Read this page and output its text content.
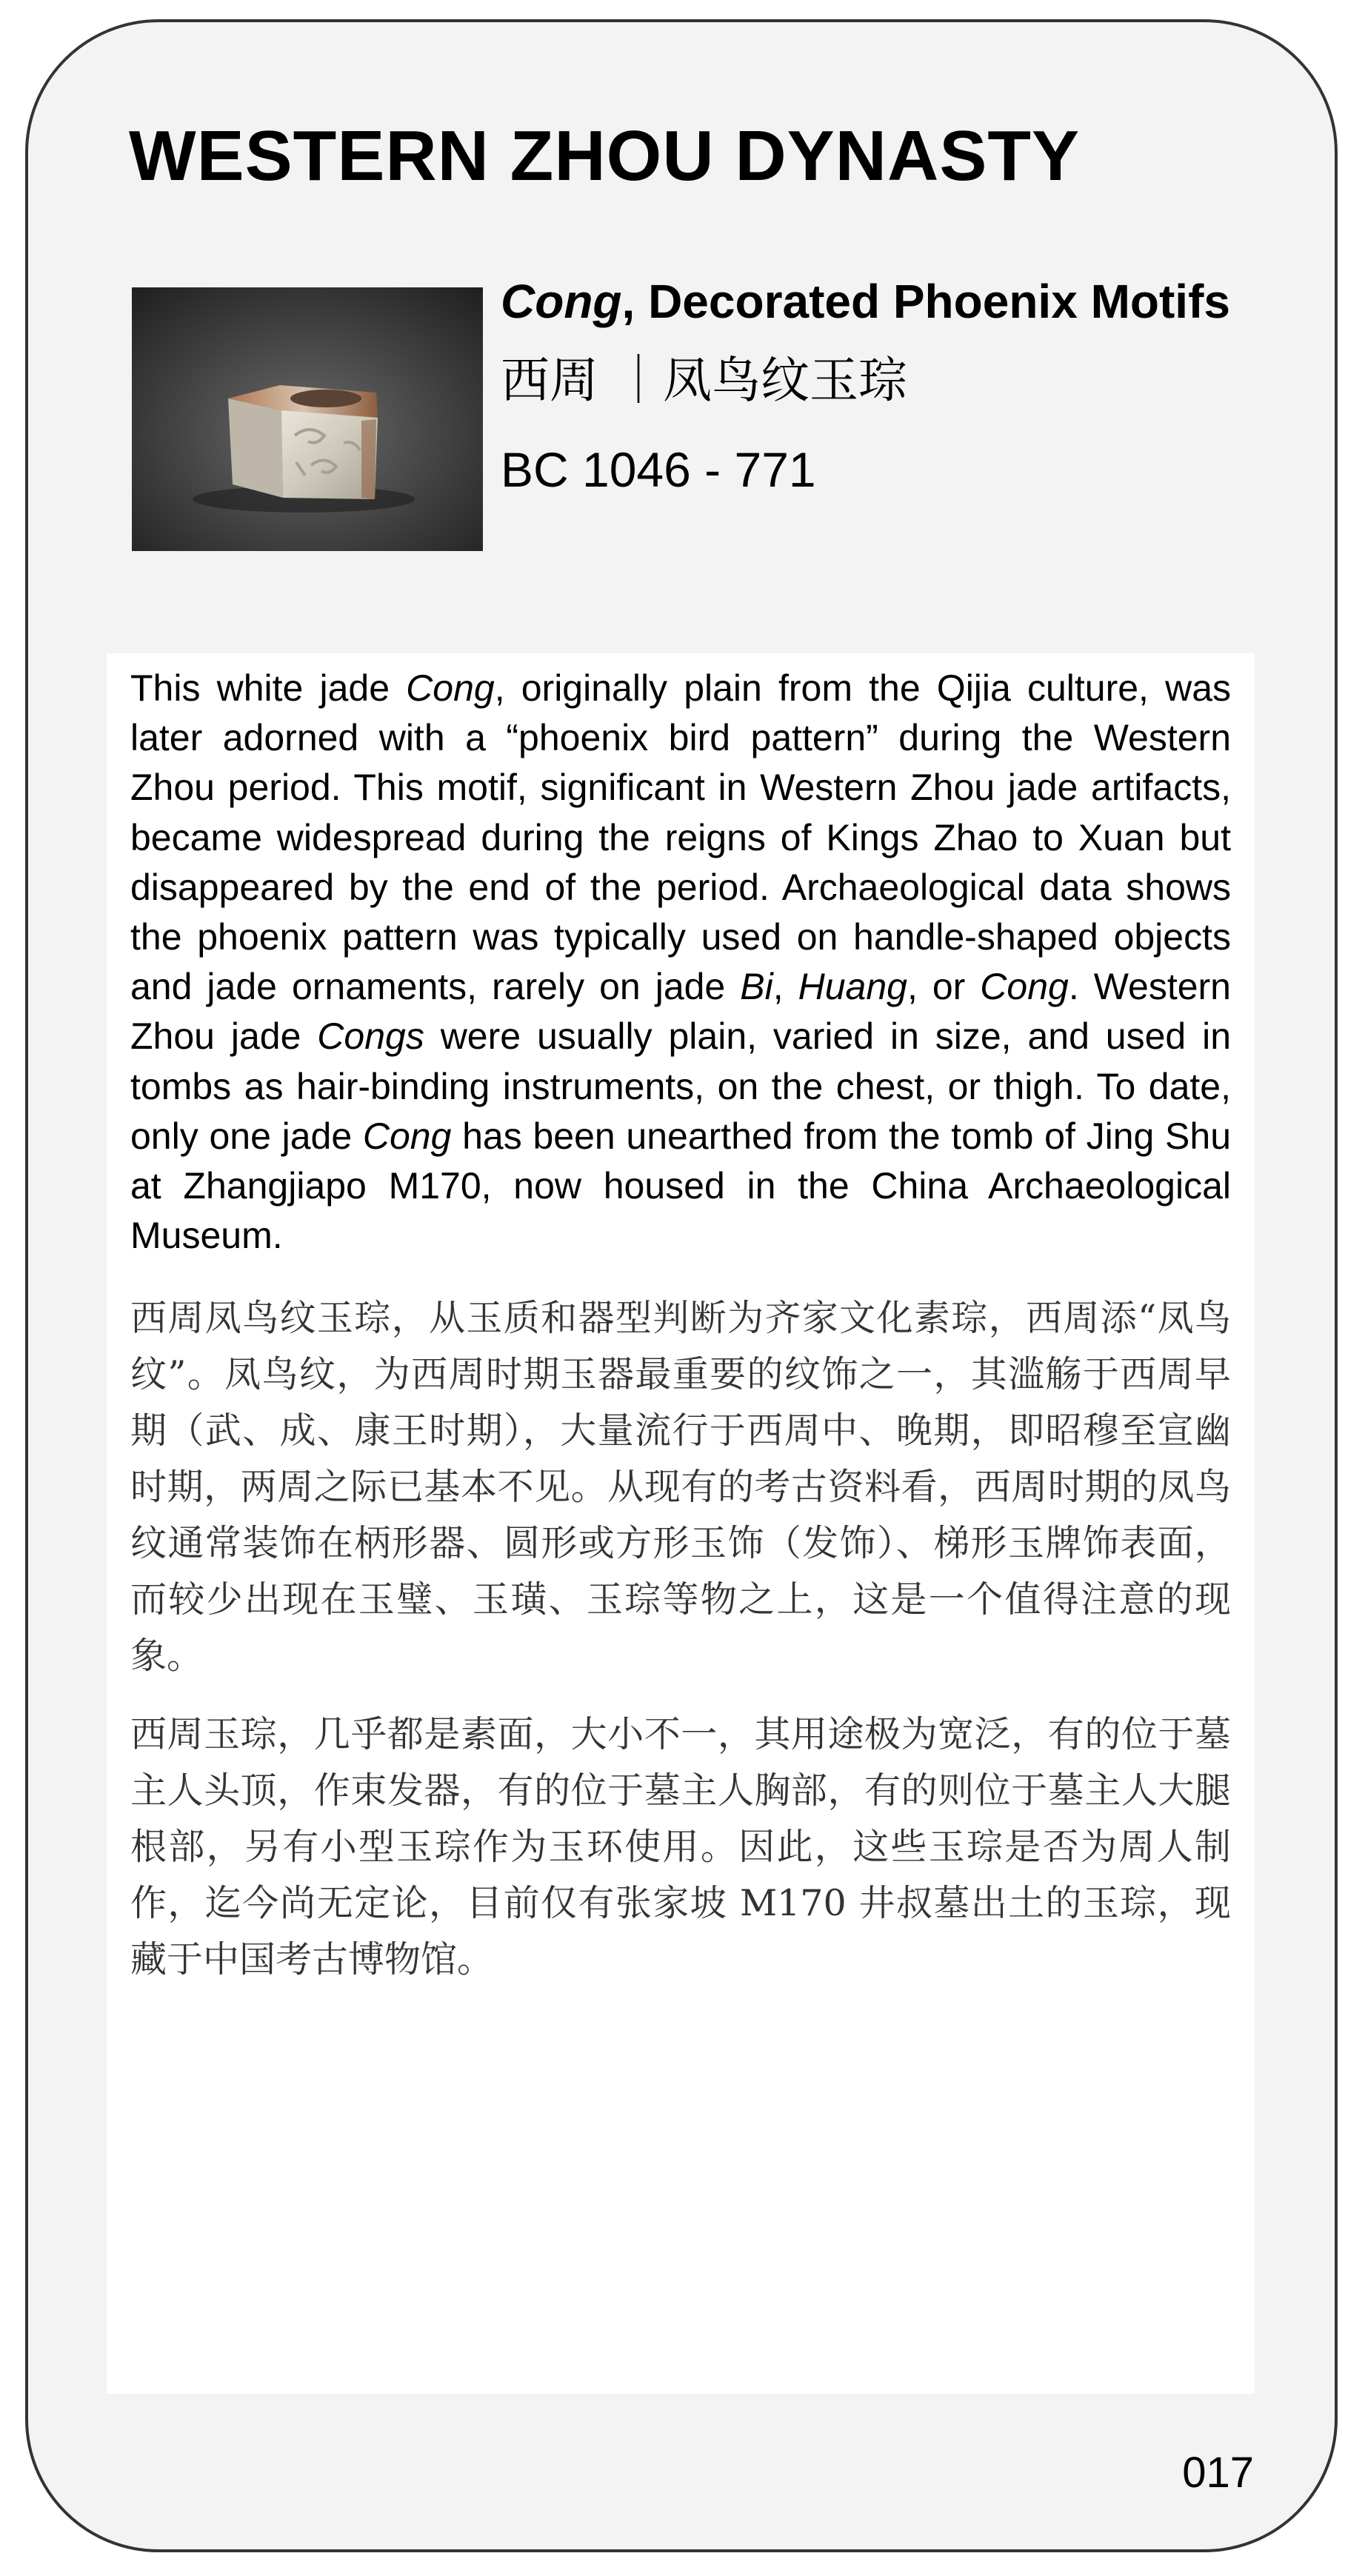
WESTERN ZHOU DYNASTY
Cong, Decorated Phoenix Motifs
西周 ｜凤鸟纹玉琮
BC 1046 - 771

This white jade Cong, originally plain from the Qijia culture, was later adorned with a “phoenix bird pattern” during the Western Zhou period. This motif, significant in Western Zhou jade artifacts, became widespread during the reigns of Kings Zhao to Xuan but disappeared by the end of the period. Archaeological data shows the phoenix pattern was typically used on handle-shaped objects and jade ornaments, rarely on jade Bi, Huang, or Cong. Western Zhou jade Congs were usually plain, varied in size, and used in tombs as hair-binding instruments, on the chest, or thigh. To date, only one jade Cong has been unearthed from the tomb of Jing Shu at Zhangjiapo M170, now housed in the China Archaeological Museum.

西周凤鸟纹玉琮，从玉质和器型判断为齐家文化素琮，西周添“凤鸟纹”。凤鸟纹，为西周时期玉器最重要的纹饰之一，其滥觞于西周早期（武、成、康王时期），大量流行于西周中、晚期，即昭穆至宣幽时期，两周之际已基本不见。从现有的考古资料看，西周时期的凤鸟纹通常装饰在柄形器、圆形或方形玉饰（发饰）、梯形玉牌饰表面，而较少出现在玉璧、玉璜、玉琮等物之上，这是一个值得注意的现象。

西周玉琮，几乎都是素面，大小不一，其用途极为宽泛，有的位于墓主人头顶，作束发器，有的位于墓主人胸部，有的则位于墓主人大腿根部，另有小型玉琮作为玉环使用。因此，这些玉琮是否为周人制作，迄今尚无定论，目前仅有张家坡 M170 井叔墓出土的玉琮，现藏于中国考古博物馆。

017
